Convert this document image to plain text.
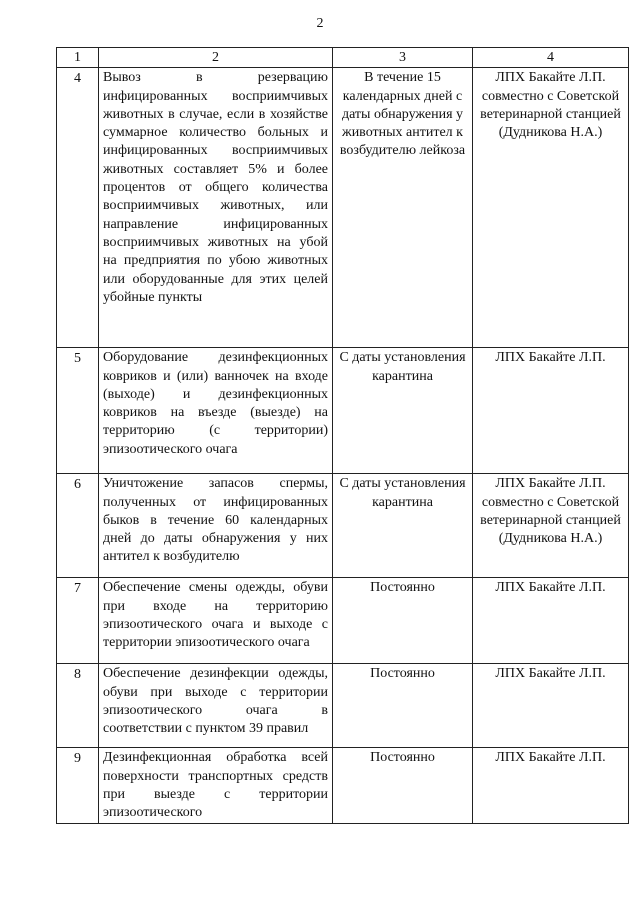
2
1	2	3	4
4	Вывоз в резервацию инфицированных восприимчивых животных в случае, если в хозяйстве суммарное количество больных и инфицированных восприимчивых животных составляет 5% и более процентов от общего количества восприимчивых животных, или направление инфицированных восприимчивых животных на убой на предприятия по убою животных или оборудованные для этих целей убойные пункты	В течение 15 календарных дней с даты обнаружения у животных антител к возбудителю лейкоза	ЛПХ Бакайте Л.П. совместно с Советской ветеринарной станцией (Дудникова Н.А.)
5	Оборудование дезинфекционных ковриков и (или) ванночек на входе (выходе) и дезинфекционных ковриков на въезде (выезде) на территорию (с территории) эпизоотического очага	С даты установления карантина	ЛПХ Бакайте Л.П.
6	Уничтожение запасов спермы, полученных от инфицированных быков в течение 60 календарных дней до даты обнаружения у них антител к возбудителю	С даты установления карантина	ЛПХ Бакайте Л.П. совместно с Советской ветеринарной станцией (Дудникова Н.А.)
7	Обеспечение смены одежды, обуви при входе на территорию эпизоотического очага и выходе с территории эпизоотического очага	Постоянно	ЛПХ Бакайте Л.П.
8	Обеспечение дезинфекции одежды, обуви при выходе с территории эпизоотического очага в соответствии с пунктом 39 правил	Постоянно	ЛПХ Бакайте Л.П.
9	Дезинфекционная обработка всей поверхности транспортных средств при выезде с территории эпизоотического	Постоянно	ЛПХ Бакайте Л.П.
